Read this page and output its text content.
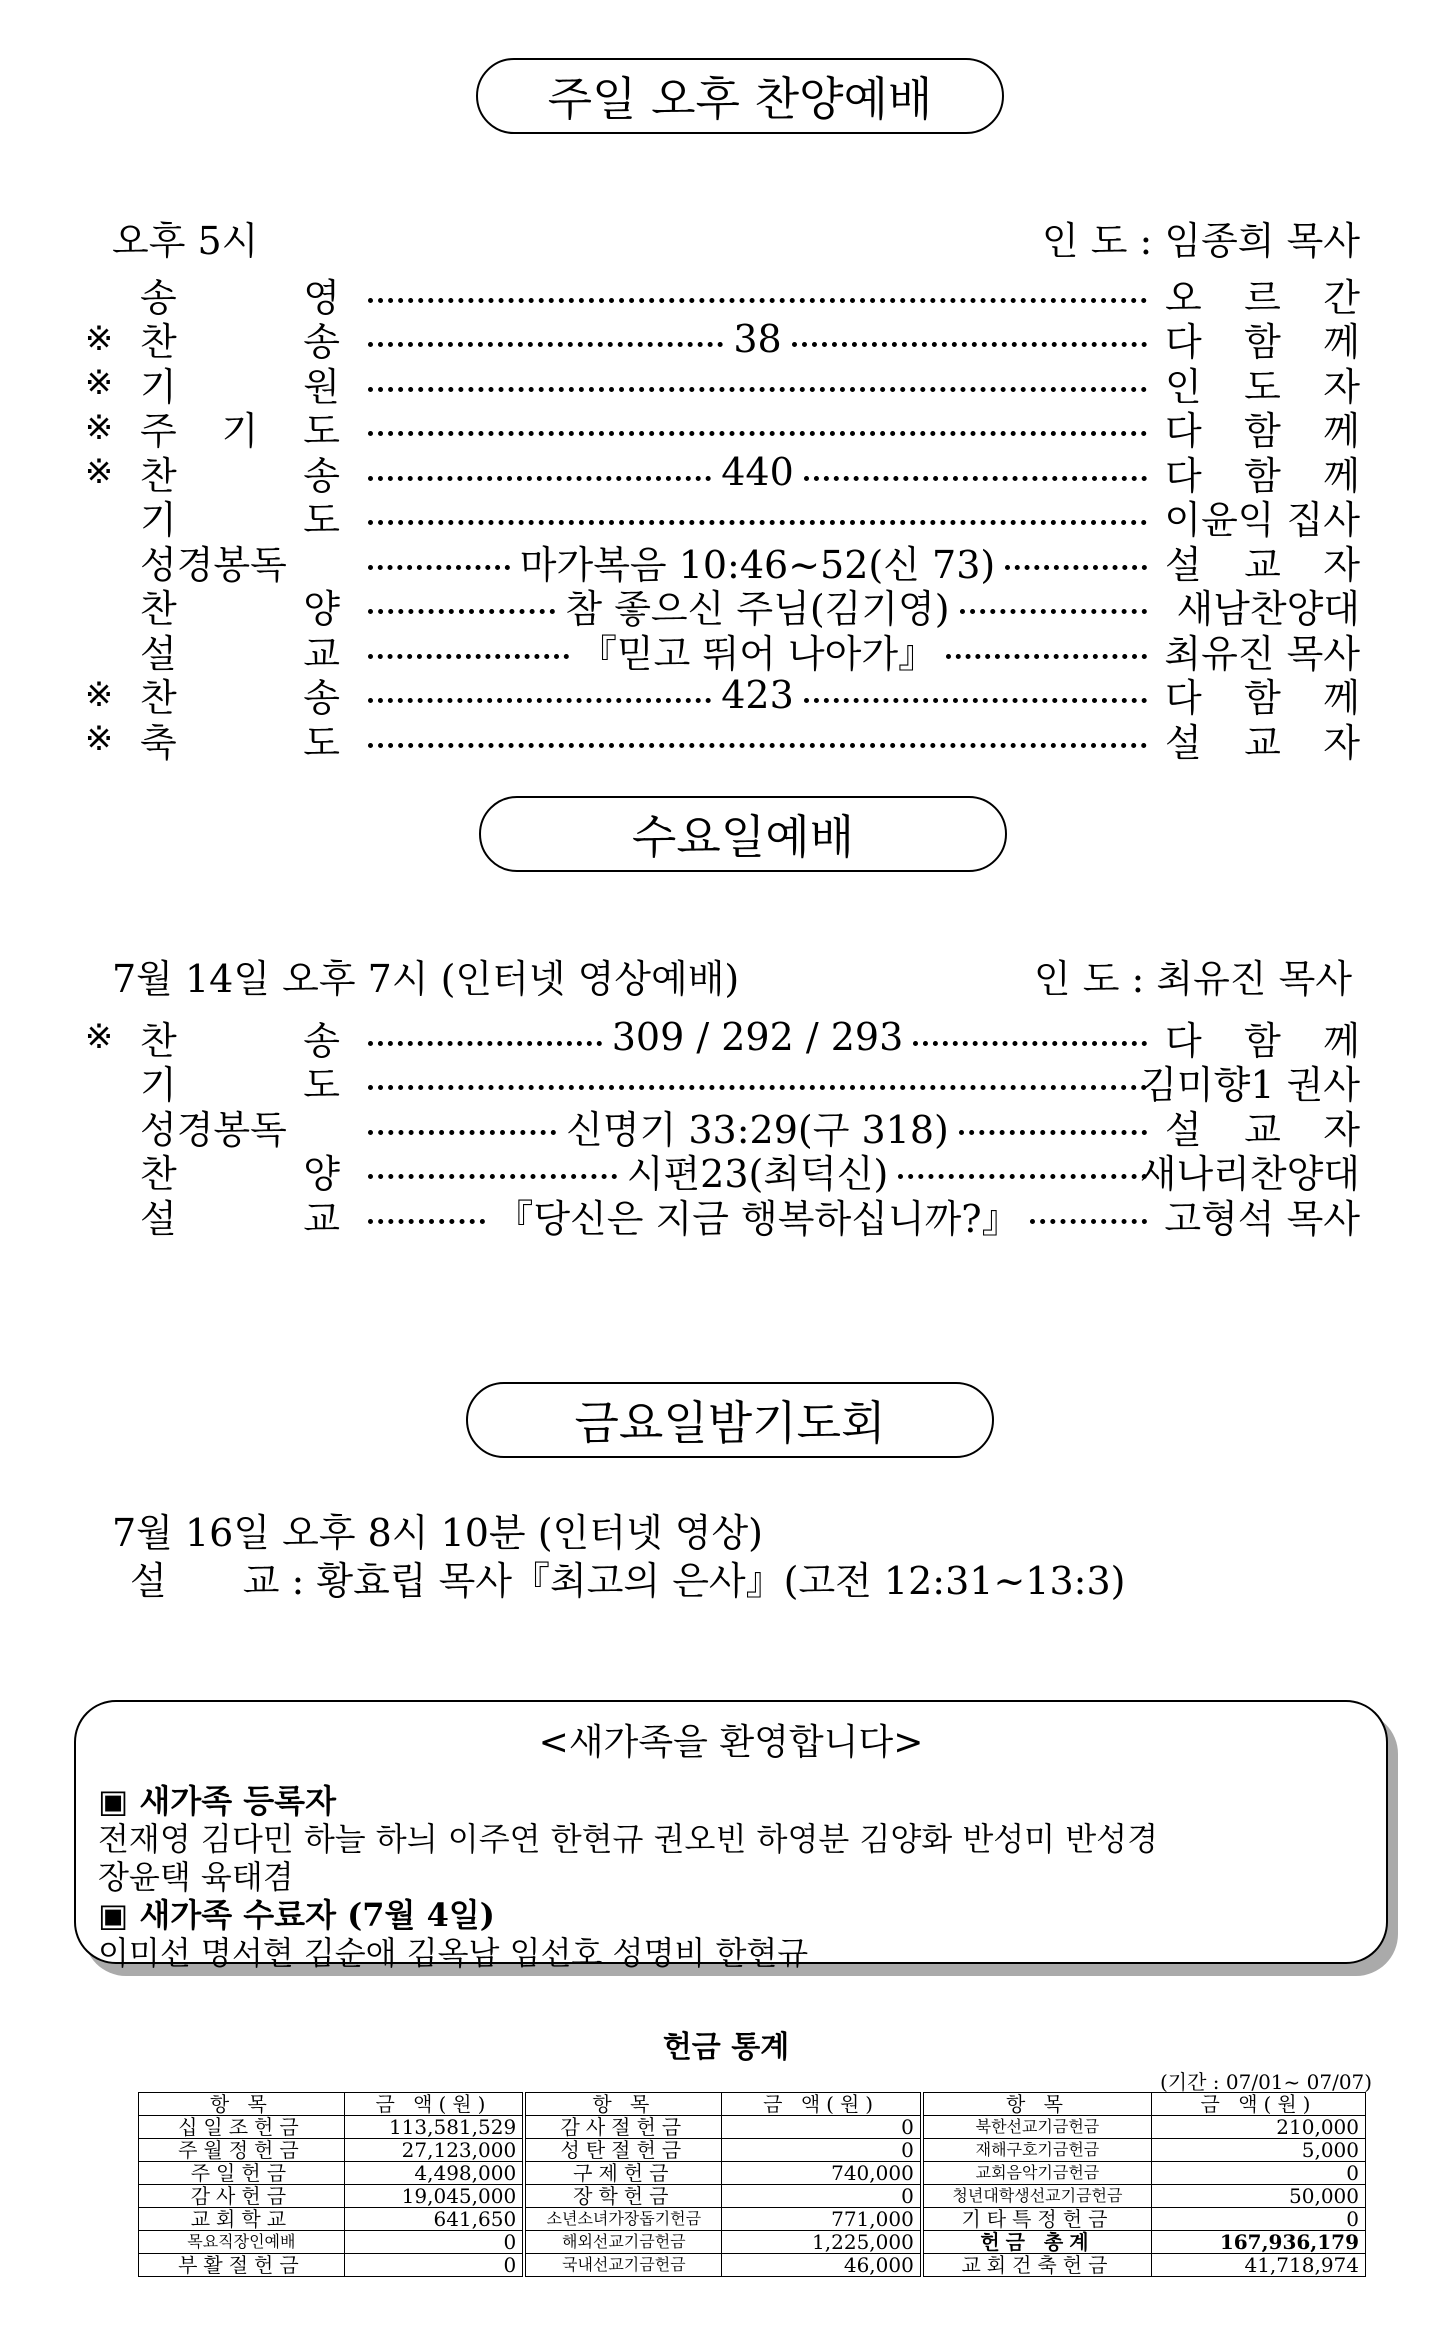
주일 오후 찬양예배
오후 5시	인 도 : 임종희 목사
송	영	오 르 간
※ 찬	송	38	다 함 께
※ 기	원	인 도 자
※ 주 기 도	다 함 께
※ 찬	송	440	다 함 께
기	도	이윤익 집사
성경봉독	마가복음 10:46~52(신 73)	설 교 자
찬	양	참 좋으신 주님(김기영)	새남찬양대
설	교	『믿고 뛰어 나아가』	최유진 목사
※ 찬	송	423	다 함 께
※ 축	도	설 교 자
수요일예배
7월 14일 오후 7시 (인터넷 영상예배)	인 도 : 최유진 목사
※ 찬	송	309 / 292 / 293	다 함 께
기	도	김미향1 권사
성경봉독	신명기 33:29(구 318)	설 교 자
찬	양	시편23(최덕신)	새나리찬양대
설	교	『당신은 지금 행복하십니까?』	고형석 목사
금요일밤기도회
7월 16일 오후 8시 10분 (인터넷 영상)
설　　교 : 황효립 목사『최고의 은사』(고전 12:31~13:3)
<새가족을 환영합니다>
▣ 새가족 등록자
전재영 김다민 하늘 하늬 이주연 한현규 권오빈 하영분 김양화 반성미 반성경
장윤택 육태겸
▣ 새가족 수료자 (7월 4일)
이미선 명서현 김순애 김옥남 임선호 성명비 한현규
헌금 통계
(기간 : 07/01~ 07/07)
항 목	금 액(원)	항 목	금 액(원)	항 목	금 액(원)
십일조헌금	113,581,529	감사절헌금	0	북한선교기금헌금	210,000
주월정헌금	27,123,000	성탄절헌금	0	재해구호기금헌금	5,000
주일헌금	4,498,000	구제헌금	740,000	교회음악기금헌금	0
감사헌금	19,045,000	장학헌금	0	청년대학생선교기금헌금	50,000
교회학교	641,650	소년소녀가장돕기헌금	771,000	기타특정헌금	0
목요직장인예배	0	해외선교기금헌금	1,225,000	헌금 총계	167,936,179
부활절헌금	0	국내선교기금헌금	46,000	교회건축헌금	41,718,974
